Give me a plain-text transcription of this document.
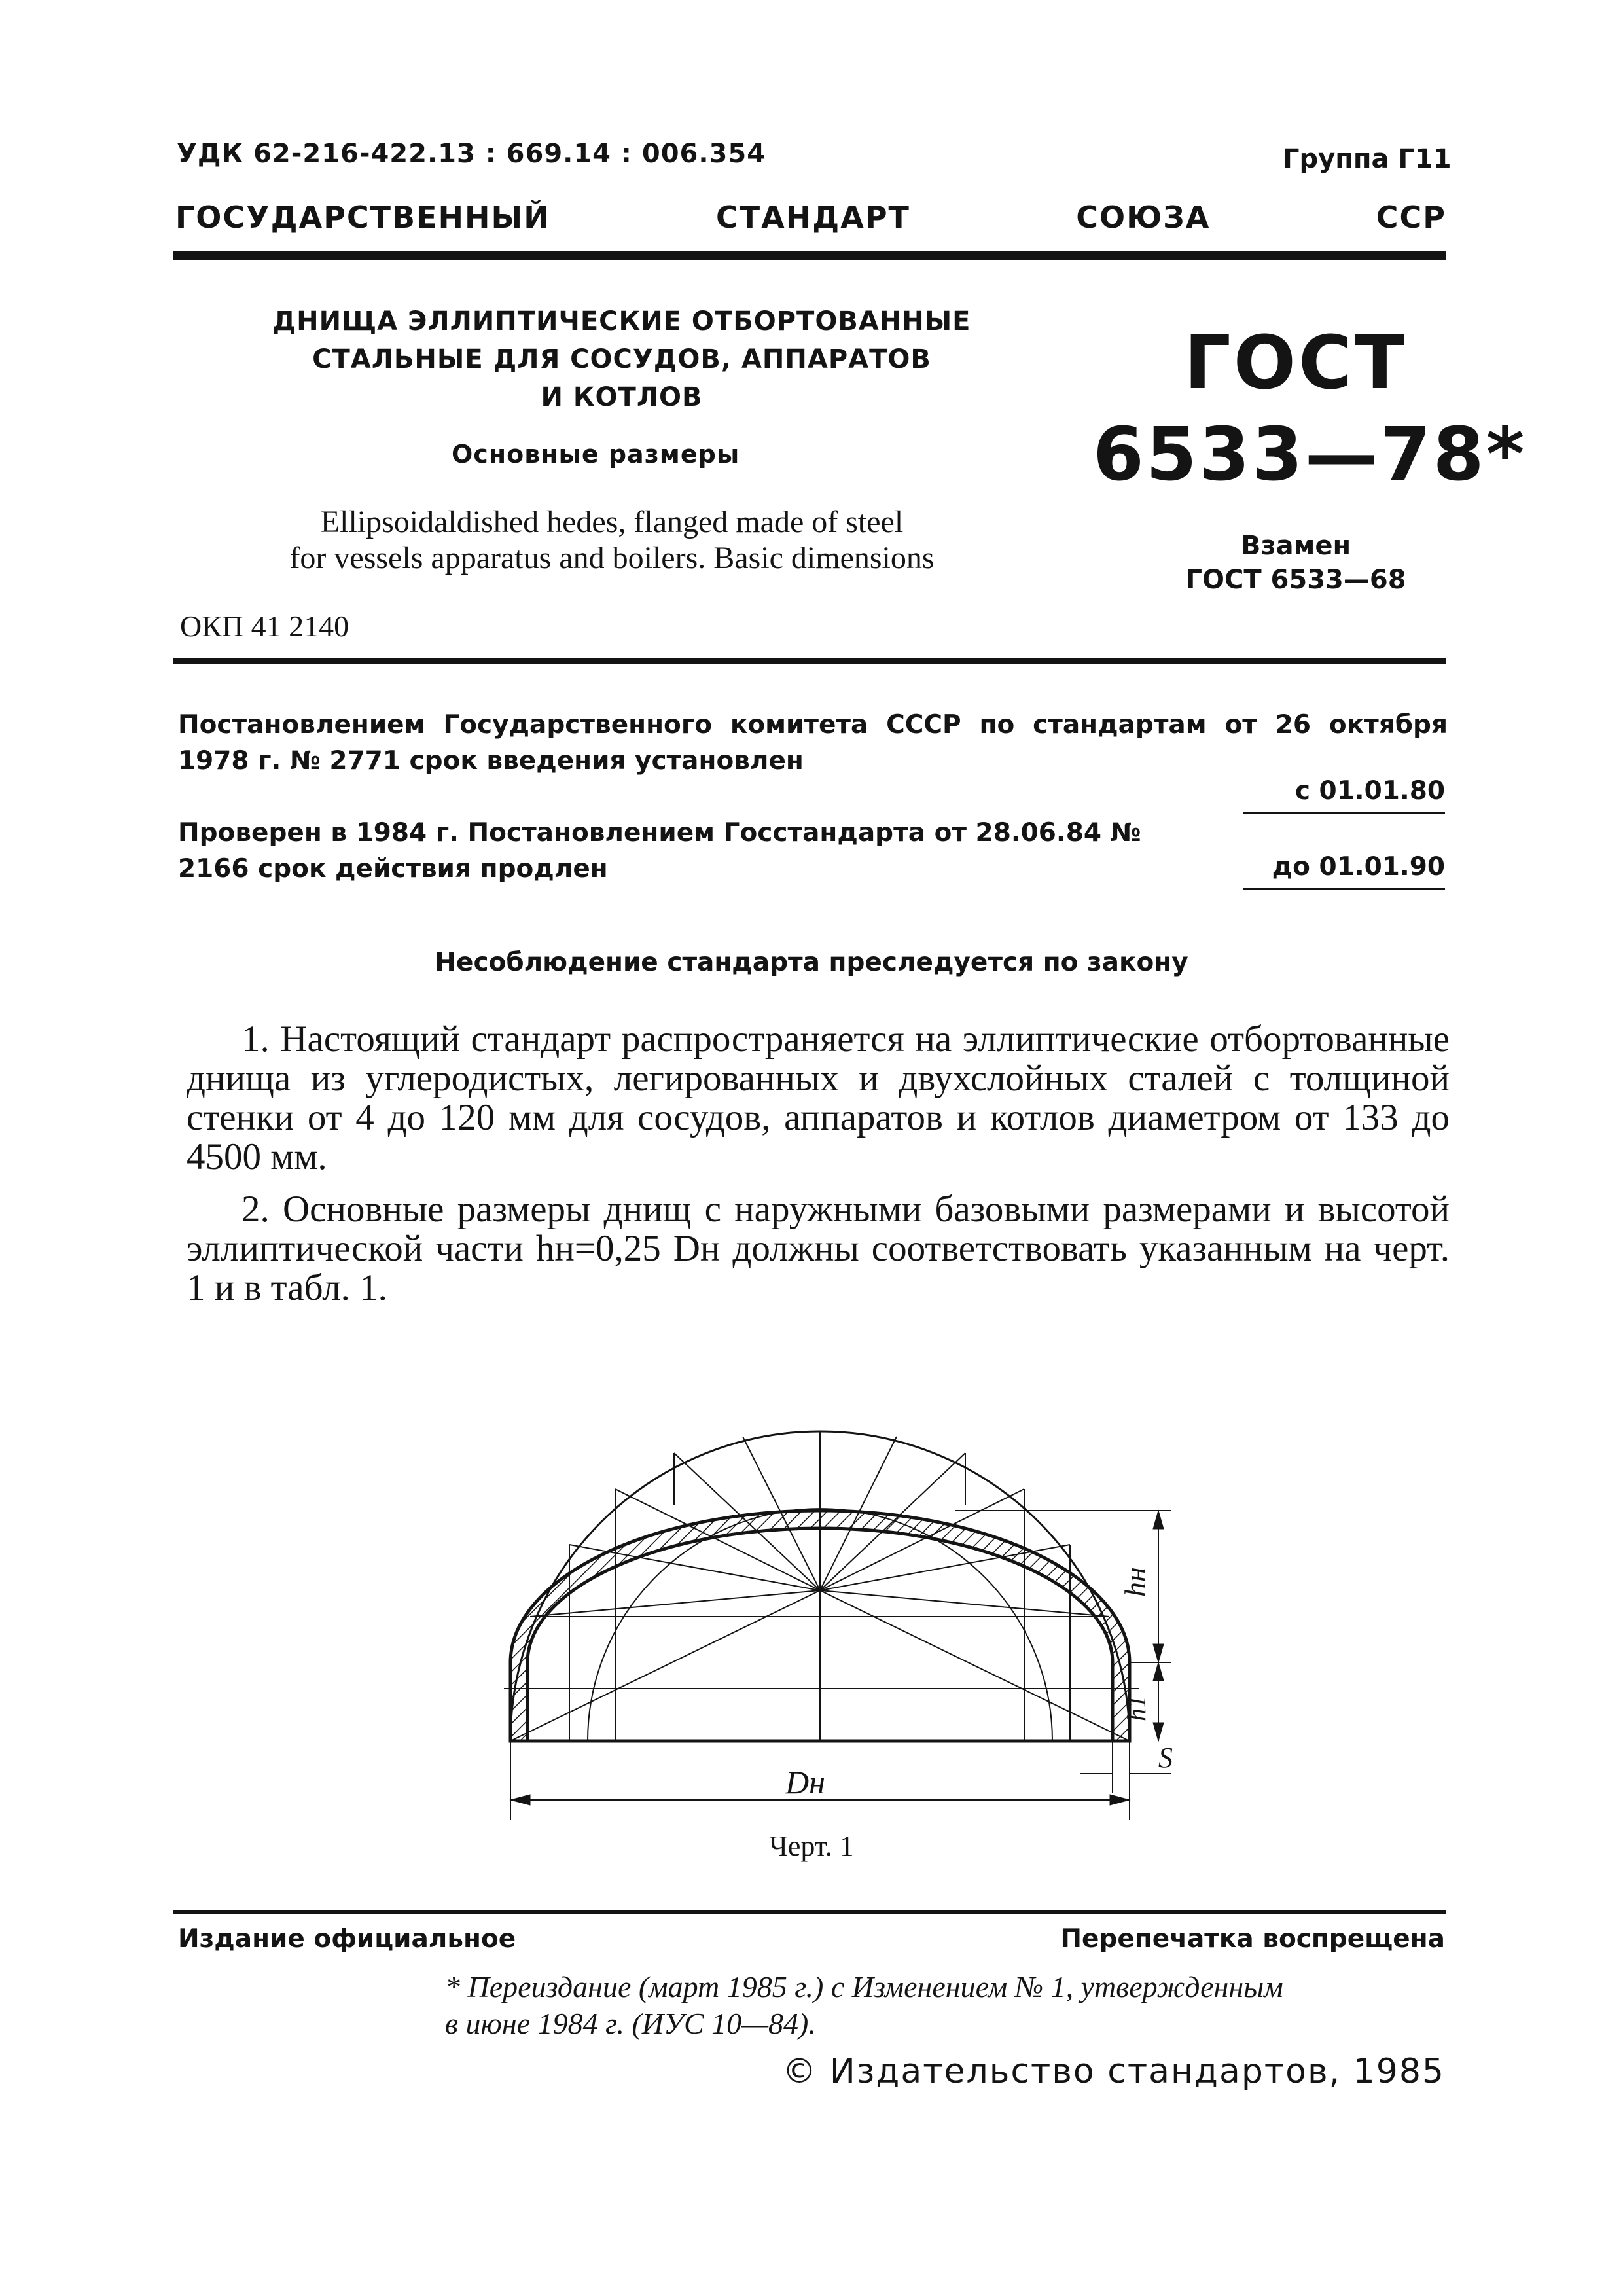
УДК 62-216-422.13 : 669.14 : 006.354	Группа Г11
ГОСУДАРСТВЕННЫЙ	СТАНДАРТ	СОЮЗА	ССР
ДНИЩА ЭЛЛИПТИЧЕСКИЕ ОТБОРТОВАННЫЕ
СТАЛЬНЫЕ ДЛЯ СОСУДОВ, АППАРАТОВ
И КОТЛОВ
Основные размеры
Ellipsoidaldished hedes, flanged made of steel
for vessels apparatus and boilers. Basic dimensions
ОКП 41 2140
ГОСТ
6533—78*
Взамен
ГОСТ 6533—68
Постановлением Государственного комитета СССР по стандартам от 26 октября 1978 г. № 2771 срок введения установлен
с 01.01.80
Проверен в 1984 г. Постановлением Госстандарта от 28.06.84 № 2166 срок действия продлен	до 01.01.90
Несоблюдение стандарта преследуется по закону
1. Настоящий стандарт распространяется на эллиптические отбортованные днища из углеродистых, легированных и двухслойных сталей с толщиной стенки от 4 до 120 мм для сосудов, аппаратов и котлов диаметром от 133 до 4500 мм.
2. Основные размеры днищ с наружными базовыми размерами и высотой эллиптической части hн=0,25 Dн должны соответствовать указанным на черт. 1 и в табл. 1.
hн
h1
S
Dн
Черт. 1
Издание официальное	Перепечатка воспрещена
* Переиздание (март 1985 г.) с Изменением № 1, утвержденным в июне 1984 г. (ИУС 10—84).
© Издательство стандартов, 1985
